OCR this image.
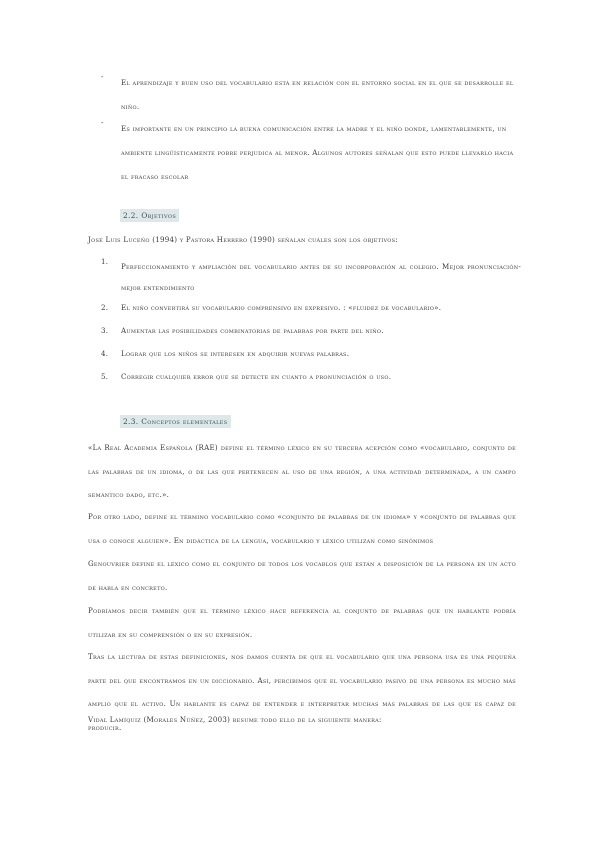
-
El aprendizaje y buen uso del vocabulario está en relación con el entorno social en el que se desarrolle el niño.
-
Es importante en un principio la buena comunicación entre la madre y el niño donde, lamentablemente, un ambiente lingüísticamente pobre perjudica al menor. Algunos autores señalan que esto puede llevarlo hacia el fracaso escolar
2.2. Objetivos
José Luis Luceño (1994) y Pastora Herrero (1990) señalan cuáles son los objetivos:
1.
Perfeccionamiento y ampliación del vocabulario antes de su incorporación al colegio. Mejor pronunciación-mejor entendimiento
2. El niño convertirá su vocabulario comprensivo en expresivo. : «fluidez de vocabulario».
3. Aumentar las posibilidades combinatorias de palabras por parte del niño.
4. Lograr que los niños se interesen en adquirir nuevas palabras.
5. Corregir cualquier error que se detecte en cuanto a pronunciación o uso.
2.3. Conceptos elementales
«La Real Academia Española (RAE) define el término léxico en su tercera acepción como «vocabulario, conjunto de las palabras de un idioma, o de las que pertenecen al uso de una región, a una actividad determinada, a un campo semántico dado, etc.».
Por otro lado, define el término vocabulario como «conjunto de palabras de un idioma» y «conjunto de palabras que usa o conoce alguien». En didáctica de la lengua, vocabulario y léxico utilizan como sinónimos
Genouvrier define el léxico como el conjunto de todos los vocablos que están a disposición de la persona en un acto de habla en concreto.
Podríamos decir también que el término léxico hace referencia al conjunto de palabras que un hablante podría utilizar en su comprensión o en su expresión.
Tras la lectura de estas definiciones, nos damos cuenta de que el vocabulario que una persona usa es una pequeña parte del que encontramos en un diccionario. Así, percibimos que el vocabulario pasivo de una persona es mucho más amplio que el activo. Un hablante es capaz de entender e interpretar muchas más palabras de las que es capaz de producir.
Vidal Lamíquiz (Morales Núñez, 2003) resume todo ello de la siguiente manera:
